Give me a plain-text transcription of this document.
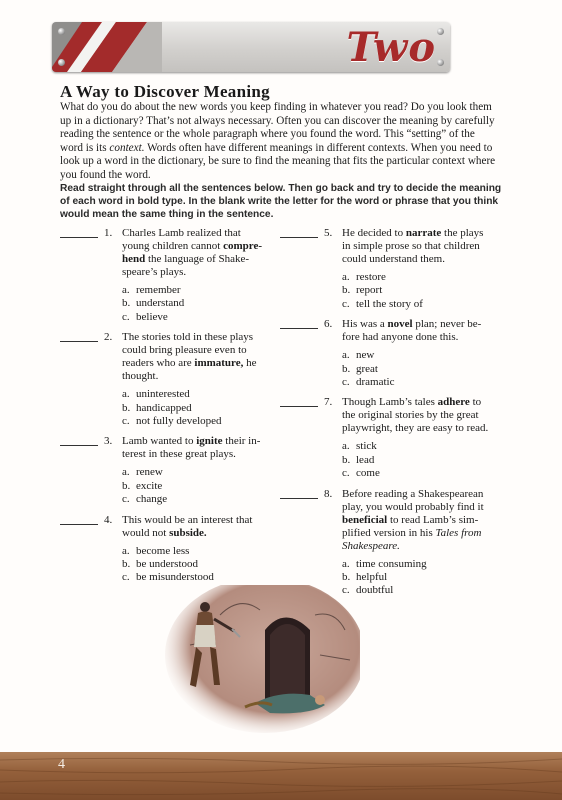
Two
A Way to Discover Meaning

What do you do about the new words you keep finding in whatever you read? Do you look them up in a dictionary? That’s not always necessary. Often you can discover the meaning by carefully reading the sentence or the whole paragraph where you found the word. This “setting” of the word is its context. Words often have different meanings in different contexts. When you need to look up a word in the dictionary, be sure to find the meaning that fits the particular context where you found the word.

Read straight through all the sentences below. Then go back and try to decide the meaning of each word in bold type. In the blank write the letter for the word or phrase that you think would mean the same thing in the sentence.

1. Charles Lamb realized that young children cannot compre-hend the language of Shake-speare’s plays.

a. remember
b. understand
c. believe
2. The stories told in these plays could bring pleasure even to readers who are immature, he thought.

a. uninterested
b. handicapped
c. not fully developed
3. Lamb wanted to ignite their in-terest in these great plays.

a. renew
b. excite
c. change
4. This would be an interest that would not subside.

a. become less
b. be understood
c. be misunderstood
5. He decided to narrate the plays in simple prose so that children could understand them.

a. restore
b. report
c. tell the story of
6. His was a novel plan; never be-fore had anyone done this.

a. new
b. great
c. dramatic
7. Though Lamb’s tales adhere to the original stories by the great playwright, they are easy to read.

a. stick
b. lead
c. come
8. Before reading a Shakespearean play, you would probably find it beneficial to read Lamb’s sim-plified version in his Tales from Shakespeare.

a. time consuming
b. helpful
c. doubtful
4
